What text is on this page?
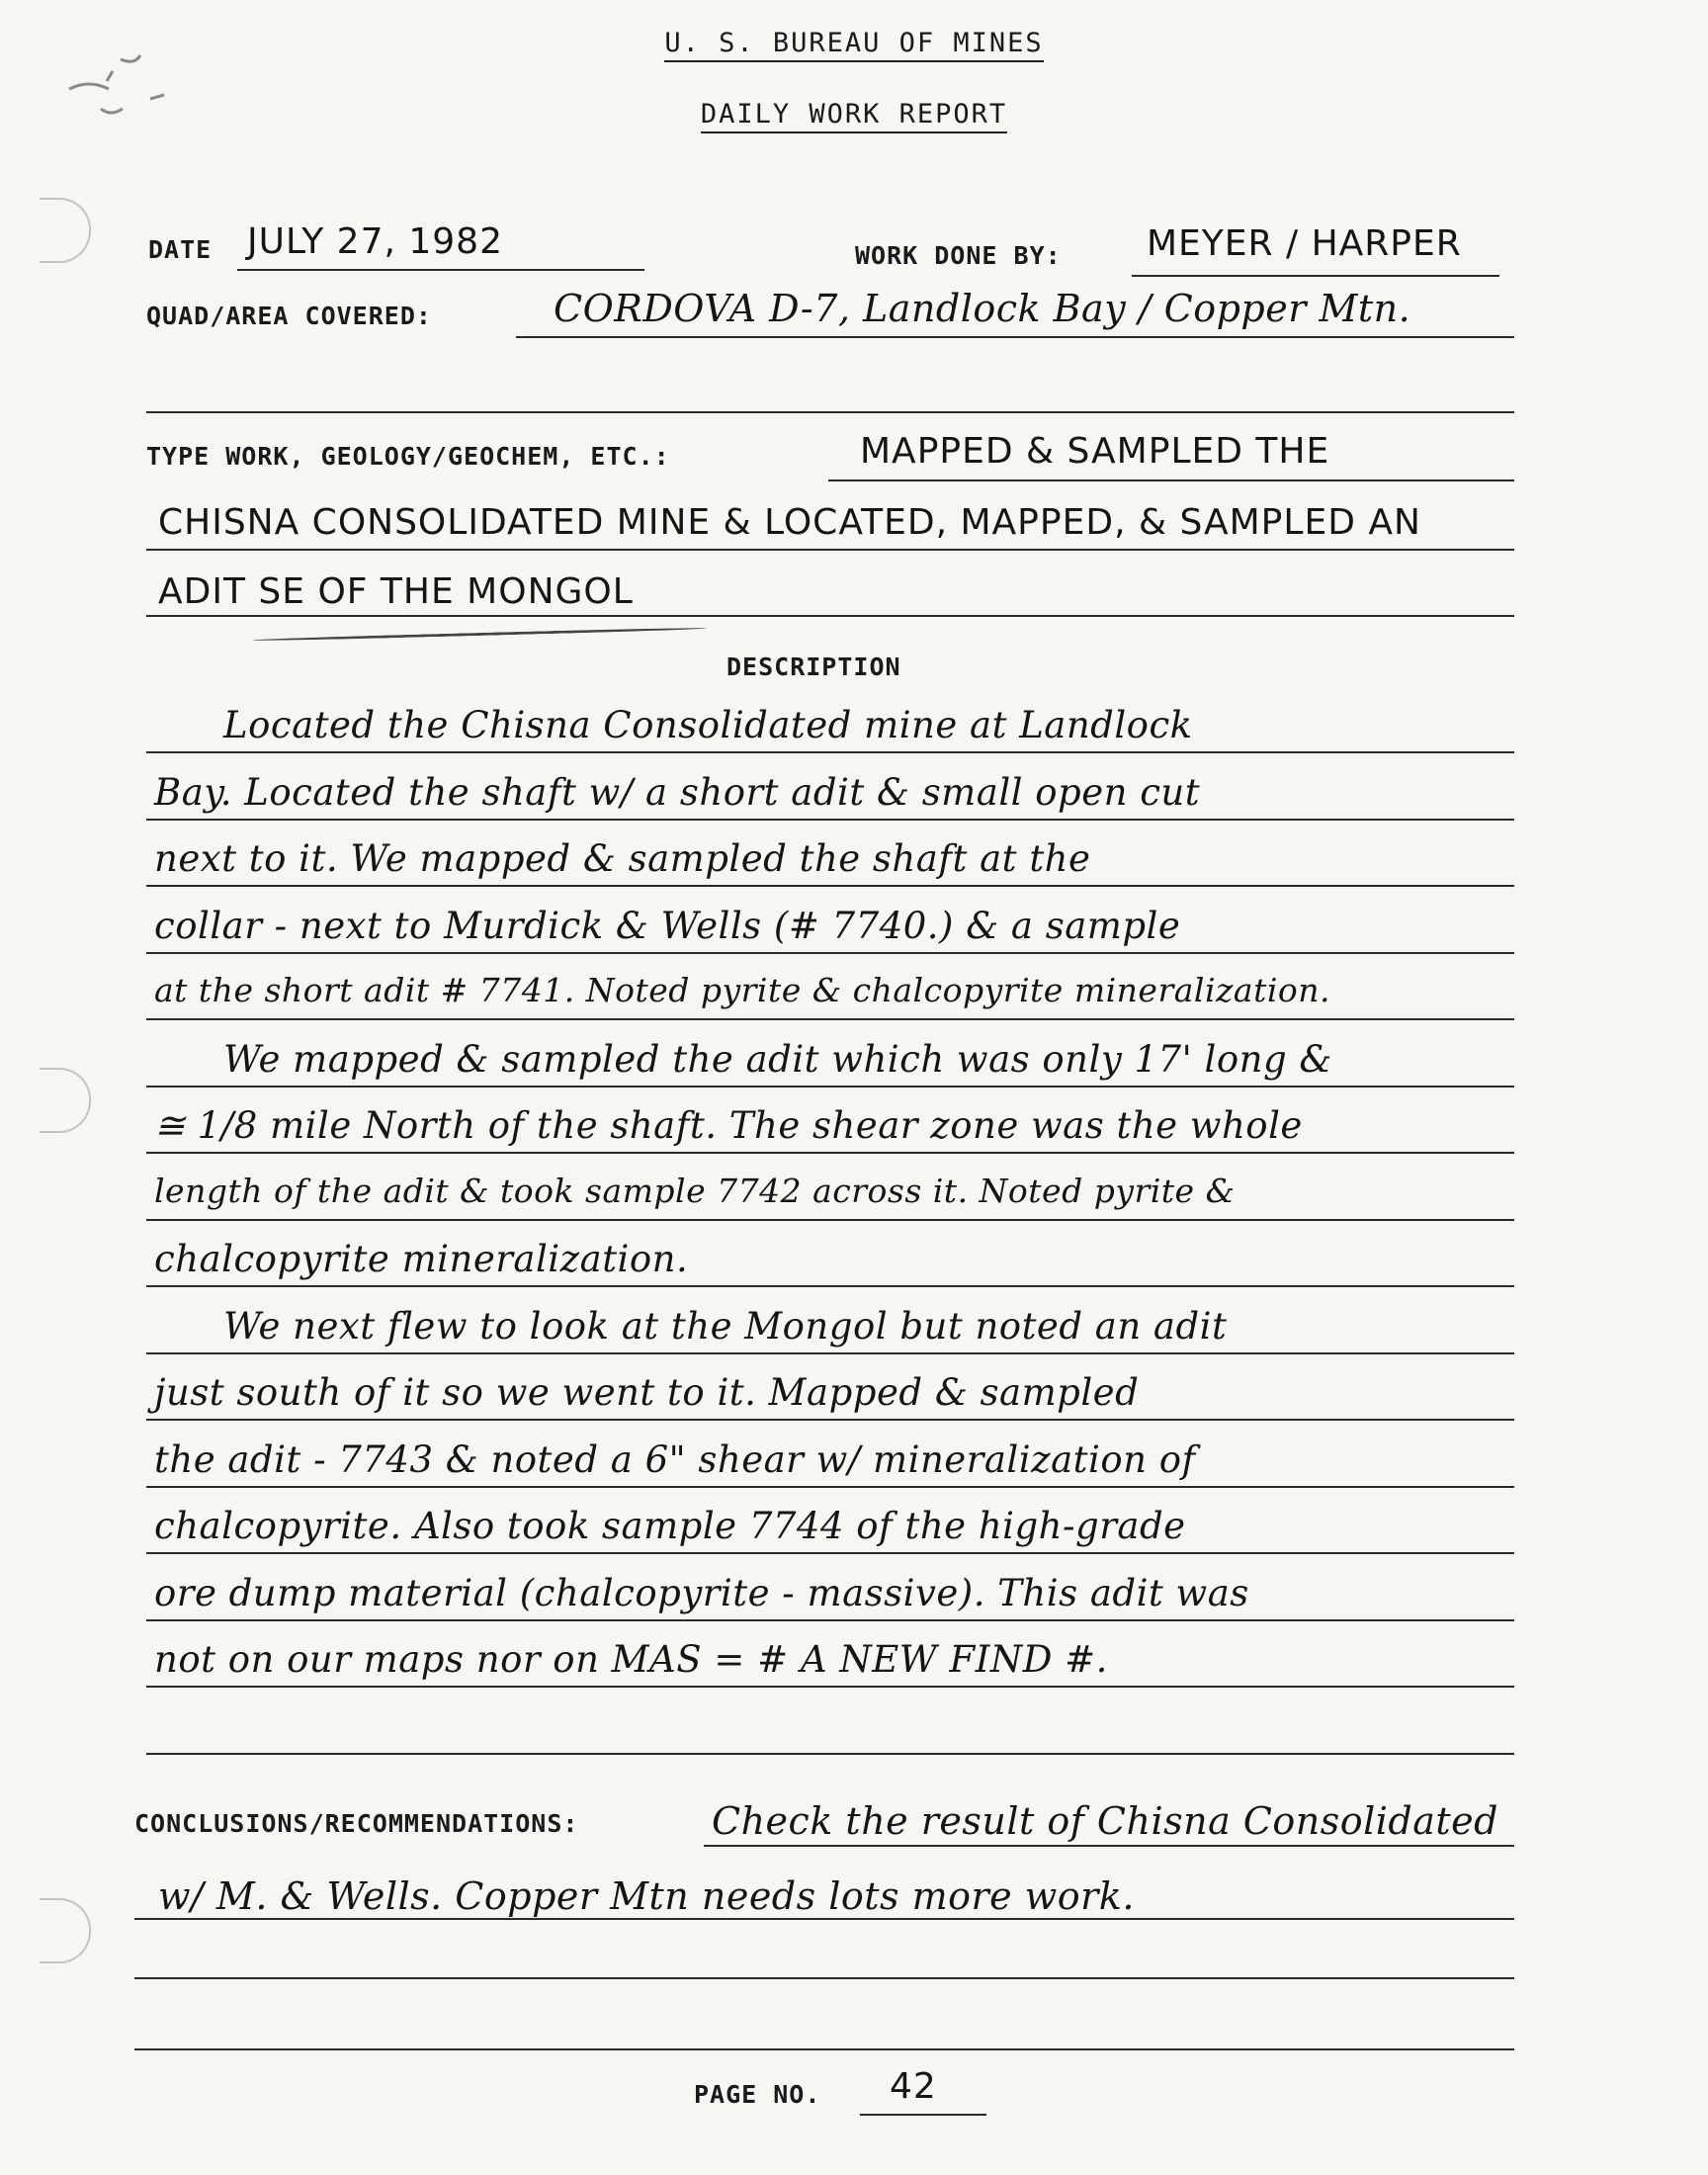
U. S. BUREAU OF MINES
DAILY WORK REPORT
DATE JULY 27, 1982	WORK DONE BY: MEYER / HARPER
QUAD/AREA COVERED:	CORDOVA D-7, Landlock Bay / Copper Mtn.
TYPE WORK, GEOLOGY/GEOCHEM, ETC.:	MAPPED & SAMPLED THE
CHISNA CONSOLIDATED MINE & LOCATED, MAPPED, & SAMPLED AN
ADIT SE OF THE MONGOL
DESCRIPTION
Located the Chisna Consolidated mine at Landlock
Bay. Located the shaft w/ a short adit & small open cut
next to it. We mapped & sampled the shaft at the
collar - next to Murdick & Wells (# 7740.) & a sample
at the short adit # 7741. Noted pyrite & chalcopyrite mineralization.
We mapped & sampled the adit which was only 17' long &
≅ 1/8 mile North of the shaft. The shear zone was the whole
length of the adit & took sample 7742 across it. Noted pyrite &
chalcopyrite mineralization.
We next flew to look at the Mongol but noted an adit
just south of it so we went to it. Mapped & sampled
the adit - 7743 & noted a 6" shear w/ mineralization of
chalcopyrite. Also took sample 7744 of the high-grade
ore dump material (chalcopyrite - massive). This adit was
not on our maps nor on MAS = # A NEW FIND #.
CONCLUSIONS/RECOMMENDATIONS:	Check the result of Chisna Consolidated
w/ M. & Wells. Copper Mtn needs lots more work.
PAGE NO. 42
